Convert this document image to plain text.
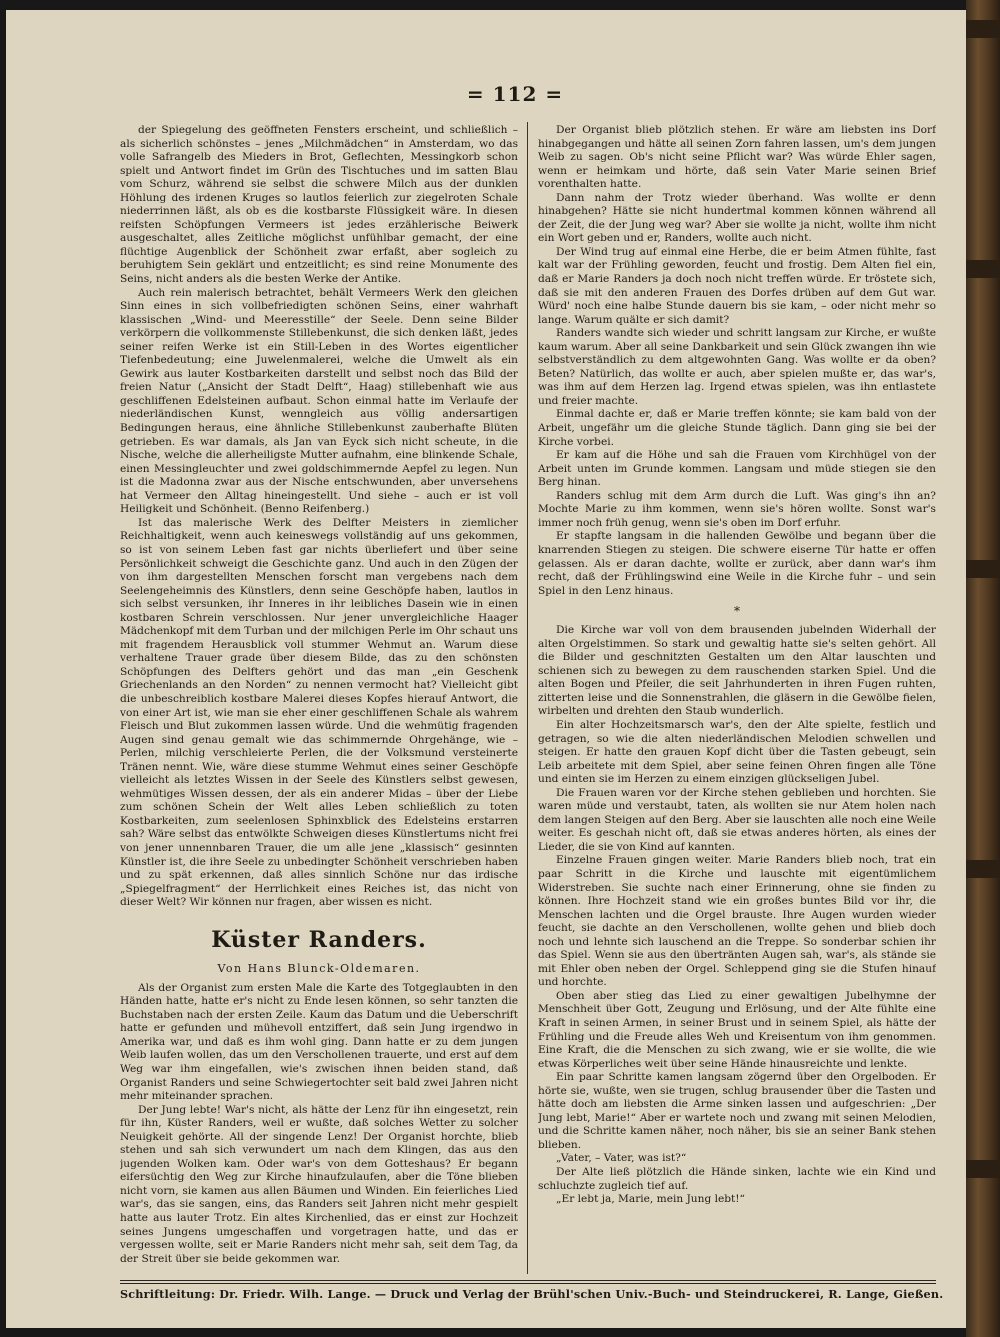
= 112 =

der Spiegelung des geöffneten Fensters erscheint, und schließlich – als sicherlich schönstes – jenes „Milchmädchen“ in Amsterdam, wo das volle Safrangelb des Mieders in Brot, Geflechten, Messingkorb schon spielt und Antwort findet im Grün des Tischtuches und im satten Blau vom Schurz, während sie selbst die schwere Milch aus der dunklen Höhlung des irdenen Kruges so lautlos feierlich zur ziegelroten Schale niederrinnen läßt, als ob es die kostbarste Flüssigkeit wäre. In diesen reifsten Schöpfungen Vermeers ist jedes erzählerische Beiwerk ausgeschaltet, alles Zeitliche möglichst unfühlbar gemacht, der eine flüchtige Augenblick der Schönheit zwar erfaßt, aber sogleich zu beruhigtem Sein geklärt und entzeitlicht; es sind reine Monumente des Seins, nicht anders als die besten Werke der Antike.

Auch rein malerisch betrachtet, behält Vermeers Werk den gleichen Sinn eines in sich vollbefriedigten schönen Seins, einer wahrhaft klassischen „Wind- und Meeresstille“ der Seele. Denn seine Bilder verkörpern die vollkommenste Stillebenkunst, die sich denken läßt, jedes seiner reifen Werke ist ein Still-Leben in des Wortes eigentlicher Tiefenbedeutung; eine Juwelenmalerei, welche die Umwelt als ein Gewirk aus lauter Kostbarkeiten darstellt und selbst noch das Bild der freien Natur („Ansicht der Stadt Delft“, Haag) stillebenhaft wie aus geschliffenen Edelsteinen aufbaut. Schon einmal hatte im Verlaufe der niederländischen Kunst, wenngleich aus völlig andersartigen Bedingungen heraus, eine ähnliche Stillebenkunst zauberhafte Blüten getrieben. Es war damals, als Jan van Eyck sich nicht scheute, in die Nische, welche die allerheiligste Mutter aufnahm, eine blinkende Schale, einen Messingleuchter und zwei goldschimmernde Aepfel zu legen. Nun ist die Madonna zwar aus der Nische entschwunden, aber unversehens hat Vermeer den Alltag hineingestellt. Und siehe – auch er ist voll Heiligkeit und Schönheit. (Benno Reifenberg.)

Ist das malerische Werk des Delfter Meisters in ziemlicher Reichhaltigkeit, wenn auch keineswegs vollständig auf uns gekommen, so ist von seinem Leben fast gar nichts überliefert und über seine Persönlichkeit schweigt die Geschichte ganz. Und auch in den Zügen der von ihm dargestellten Menschen forscht man vergebens nach dem Seelengeheimnis des Künstlers, denn seine Geschöpfe haben, lautlos in sich selbst versunken, ihr Inneres in ihr leibliches Dasein wie in einen kostbaren Schrein verschlossen. Nur jener unvergleichliche Haager Mädchenkopf mit dem Turban und der milchigen Perle im Ohr schaut uns mit fragendem Herausblick voll stummer Wehmut an. Warum diese verhaltene Trauer grade über diesem Bilde, das zu den schönsten Schöpfungen des Delfters gehört und das man „ein Geschenk Griechenlands an den Norden“ zu nennen vermocht hat? Vielleicht gibt die unbeschreiblich kostbare Malerei dieses Kopfes hierauf Antwort, die von einer Art ist, wie man sie eher einer geschliffenen Schale als wahrem Fleisch und Blut zukommen lassen würde. Und die wehmütig fragenden Augen sind genau gemalt wie das schimmernde Ohrgehänge, wie – Perlen, milchig verschleierte Perlen, die der Volksmund versteinerte Tränen nennt. Wie, wäre diese stumme Wehmut eines seiner Geschöpfe vielleicht als letztes Wissen in der Seele des Künstlers selbst gewesen, wehmütiges Wissen dessen, der als ein anderer Midas – über der Liebe zum schönen Schein der Welt alles Leben schließlich zu toten Kostbarkeiten, zum seelenlosen Sphinxblick des Edelsteins erstarren sah? Wäre selbst das entwölkte Schweigen dieses Künstlertums nicht frei von jener unnennbaren Trauer, die um alle jene „klassisch“ gesinnten Künstler ist, die ihre Seele zu unbedingter Schönheit verschrieben haben und zu spät erkennen, daß alles sinnlich Schöne nur das irdische „Spiegelfragment“ der Herrlichkeit eines Reiches ist, das nicht von dieser Welt? Wir können nur fragen, aber wissen es nicht.

Küster Randers.
Von Hans Blunck-Oldemaren.

Als der Organist zum ersten Male die Karte des Totgeglaubten in den Händen hatte, hatte er's nicht zu Ende lesen können, so sehr tanzten die Buchstaben nach der ersten Zeile. Kaum das Datum und die Ueberschrift hatte er gefunden und mühevoll entziffert, daß sein Jung irgendwo in Amerika war, und daß es ihm wohl ging. Dann hatte er zu dem jungen Weib laufen wollen, das um den Verschollenen trauerte, und erst auf dem Weg war ihm eingefallen, wie's zwischen ihnen beiden stand, daß Organist Randers und seine Schwiegertochter seit bald zwei Jahren nicht mehr miteinander sprachen.

Der Jung lebte! War's nicht, als hätte der Lenz für ihn eingesetzt, rein für ihn, Küster Randers, weil er wußte, daß solches Wetter zu solcher Neuigkeit gehörte. All der singende Lenz! Der Organist horchte, blieb stehen und sah sich verwundert um nach dem Klingen, das aus den jugenden Wolken kam. Oder war's von dem Gotteshaus? Er begann eifersüchtig den Weg zur Kirche hinaufzulaufen, aber die Töne blieben nicht vorn, sie kamen aus allen Bäumen und Winden. Ein feierliches Lied war's, das sie sangen, eins, das Randers seit Jahren nicht mehr gespielt hatte aus lauter Trotz. Ein altes Kirchenlied, das er einst zur Hochzeit seines Jungens umgeschaffen und vorgetragen hatte, und das er vergessen wollte, seit er Marie Randers nicht mehr sah, seit dem Tag, da der Streit über sie beide gekommen war.

Der Organist blieb plötzlich stehen. Er wäre am liebsten ins Dorf hinabgegangen und hätte all seinen Zorn fahren lassen, um's dem jungen Weib zu sagen. Ob's nicht seine Pflicht war? Was würde Ehler sagen, wenn er heimkam und hörte, daß sein Vater Marie seinen Brief vorenthalten hatte.

Dann nahm der Trotz wieder überhand. Was wollte er denn hinabgehen? Hätte sie nicht hundertmal kommen können während all der Zeit, die der Jung weg war? Aber sie wollte ja nicht, wollte ihm nicht ein Wort geben und er, Randers, wollte auch nicht.

Der Wind trug auf einmal eine Herbe, die er beim Atmen fühlte, fast kalt war der Frühling geworden, feucht und frostig. Dem Alten fiel ein, daß er Marie Randers ja doch noch nicht treffen würde. Er tröstete sich, daß sie mit den anderen Frauen des Dorfes drüben auf dem Gut war. Würd' noch eine halbe Stunde dauern bis sie kam, – oder nicht mehr so lange. Warum quälte er sich damit?

Randers wandte sich wieder und schritt langsam zur Kirche, er wußte kaum warum. Aber all seine Dankbarkeit und sein Glück zwangen ihn wie selbstverständlich zu dem altgewohnten Gang. Was wollte er da oben? Beten? Natürlich, das wollte er auch, aber spielen mußte er, das war's, was ihm auf dem Herzen lag. Irgend etwas spielen, was ihn entlastete und freier machte.

Einmal dachte er, daß er Marie treffen könnte; sie kam bald von der Arbeit, ungefähr um die gleiche Stunde täglich. Dann ging sie bei der Kirche vorbei.

Er kam auf die Höhe und sah die Frauen vom Kirchhügel von der Arbeit unten im Grunde kommen. Langsam und müde stiegen sie den Berg hinan.

Randers schlug mit dem Arm durch die Luft. Was ging's ihn an? Mochte Marie zu ihm kommen, wenn sie's hören wollte. Sonst war's immer noch früh genug, wenn sie's oben im Dorf erfuhr.

Er stapfte langsam in die hallenden Gewölbe und begann über die knarrenden Stiegen zu steigen. Die schwere eiserne Tür hatte er offen gelassen. Als er daran dachte, wollte er zurück, aber dann war's ihm recht, daß der Frühlingswind eine Weile in die Kirche fuhr – und sein Spiel in den Lenz hinaus.

*

Die Kirche war voll von dem brausenden jubelnden Widerhall der alten Orgelstimmen. So stark und gewaltig hatte sie's selten gehört. All die Bilder und geschnitzten Gestalten um den Altar lauschten und schienen sich zu bewegen zu dem rauschenden starken Spiel. Und die alten Bogen und Pfeiler, die seit Jahrhunderten in ihren Fugen ruhten, zitterten leise und die Sonnenstrahlen, die gläsern in die Gewölbe fielen, wirbelten und drehten den Staub wunderlich.

Ein alter Hochzeitsmarsch war's, den der Alte spielte, festlich und getragen, so wie die alten niederländischen Melodien schwellen und steigen. Er hatte den grauen Kopf dicht über die Tasten gebeugt, sein Leib arbeitete mit dem Spiel, aber seine feinen Ohren fingen alle Töne und einten sie im Herzen zu einem einzigen glückseligen Jubel.

Die Frauen waren vor der Kirche stehen geblieben und horchten. Sie waren müde und verstaubt, taten, als wollten sie nur Atem holen nach dem langen Steigen auf den Berg. Aber sie lauschten alle noch eine Weile weiter. Es geschah nicht oft, daß sie etwas anderes hörten, als eines der Lieder, die sie von Kind auf kannten.

Einzelne Frauen gingen weiter. Marie Randers blieb noch, trat ein paar Schritt in die Kirche und lauschte mit eigentümlichem Widerstreben. Sie suchte nach einer Erinnerung, ohne sie finden zu können. Ihre Hochzeit stand wie ein großes buntes Bild vor ihr, die Menschen lachten und die Orgel brauste. Ihre Augen wurden wieder feucht, sie dachte an den Verschollenen, wollte gehen und blieb doch noch und lehnte sich lauschend an die Treppe. So sonderbar schien ihr das Spiel. Wenn sie aus den übertränten Augen sah, war's, als stände sie mit Ehler oben neben der Orgel. Schleppend ging sie die Stufen hinauf und horchte.

Oben aber stieg das Lied zu einer gewaltigen Jubelhymne der Menschheit über Gott, Zeugung und Erlösung, und der Alte fühlte eine Kraft in seinen Armen, in seiner Brust und in seinem Spiel, als hätte der Frühling und die Freude alles Weh und Kreisentum von ihm genommen. Eine Kraft, die die Menschen zu sich zwang, wie er sie wollte, die wie etwas Körperliches weit über seine Hände hinausreichte und lenkte.

Ein paar Schritte kamen langsam zögernd über den Orgelboden. Er hörte sie, wußte, wen sie trugen, schlug brausender über die Tasten und hätte doch am liebsten die Arme sinken lassen und aufgeschrien: „Der Jung lebt, Marie!“ Aber er wartete noch und zwang mit seinen Melodien, und die Schritte kamen näher, noch näher, bis sie an seiner Bank stehen blieben.

„Vater, – Vater, was ist?“

Der Alte ließ plötzlich die Hände sinken, lachte wie ein Kind und schluchzte zugleich tief auf.

„Er lebt ja, Marie, mein Jung lebt!“

Schriftleitung: Dr. Friedr. Wilh. Lange. — Druck und Verlag der Brühl'schen Univ.-Buch- und Steindruckerei, R. Lange, Gießen.
